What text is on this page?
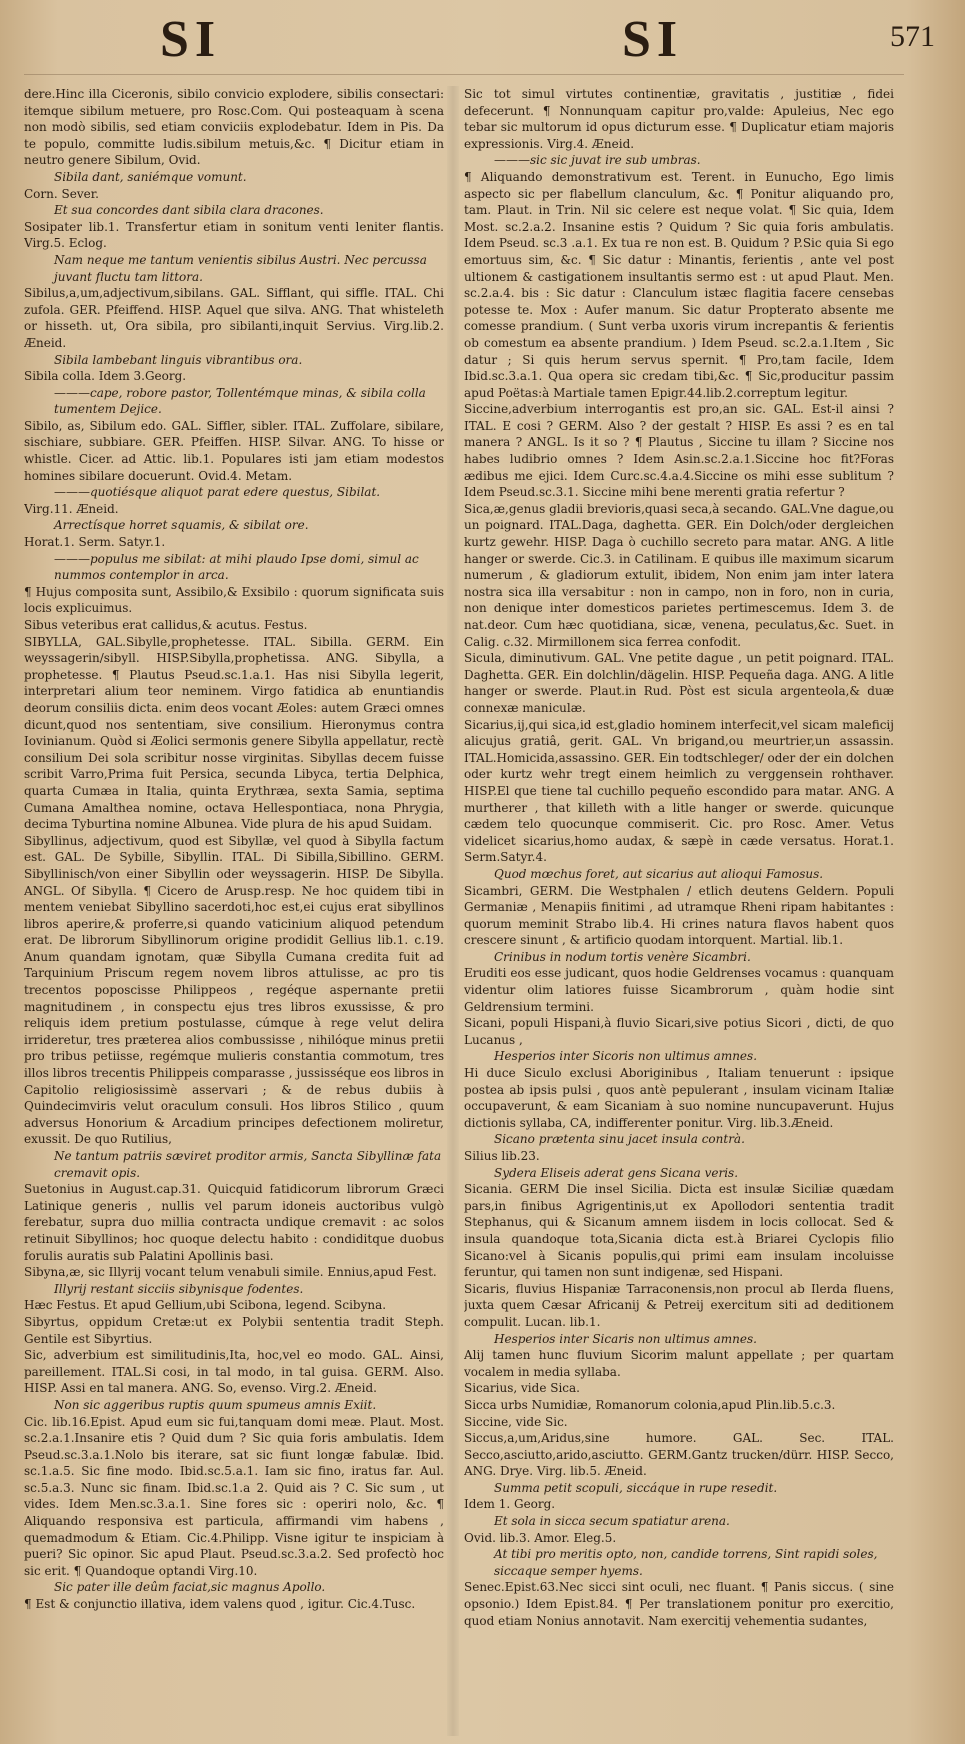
SI	SI	571

dere.Hinc illa Ciceronis, sibilo convicio explodere, sibilis consectari: itemque sibilum metuere, pro Rosc.Com. Qui posteaquam à scena non modò sibilis, sed etiam conviciis explodebatur. Idem in Pis. Da te populo, committe ludis.sibilum metuis,&c. ¶ Dicitur etiam in neutro genere Sibilum, Ovid.

Sibila dant, saniémque vomunt.

Corn. Sever.

Et sua concordes dant sibila clara dracones.

Sosipater lib.1. Transfertur etiam in sonitum venti leniter flantis. Virg.5. Eclog.

Nam neque me tantum venientis sibilus Austri. Nec percussa juvant fluctu tam littora.

Sibilus,a,um,adjectivum,sibilans. GAL. Sifflant, qui siffle. ITAL. Chi zufola. GER. Pfeiffend. HISP. Aquel que silva. ANG. That whisteleth or hisseth. ut, Ora sibila, pro sibilanti,inquit Servius. Virg.lib.2. Æneid.

Sibila lambebant linguis vibrantibus ora.

Sibila colla. Idem 3.Georg.

———cape, robore pastor, Tollentémque minas, & sibila colla tumentem Dejice.

Sibilo, as, Sibilum edo. GAL. Siffler, sibler. ITAL. Zuffolare, sibilare, sischiare, subbiare. GER. Pfeiffen. HISP. Silvar. ANG. To hisse or whistle. Cicer. ad Attic. lib.1. Populares isti jam etiam modestos homines sibilare docuerunt. Ovid.4. Metam.

———quotiésque aliquot parat edere questus, Sibilat.

Virg.11. Æneid.

Arrectísque horret squamis, & sibilat ore.

Horat.1. Serm. Satyr.1.

———populus me sibilat: at mihi plaudo Ipse domi, simul ac nummos contemplor in arca.

¶ Hujus composita sunt, Assibilo,& Exsibilo : quorum significata suis locis explicuimus.

Sibus veteribus erat callidus,& acutus. Festus.

SIBYLLA, GAL.Sibylle,prophetesse. ITAL. Sibilla. GERM. Ein weyssagerin/sibyll. HISP.Sibylla,prophetissa. ANG. Sibylla, a prophetesse. ¶ Plautus Pseud.sc.1.a.1. Has nisi Sibylla legerit, interpretari alium teor neminem. Virgo fatidica ab enuntiandis deorum consiliis dicta. enim deos vocant Æoles: autem Græci omnes dicunt,quod nos sententiam, sive consilium. Hieronymus contra Iovinianum. Quòd si Æolici sermonis genere Sibylla appellatur, rectè consilium Dei sola scribitur nosse virginitas. Sibyllas decem fuisse scribit Varro,Prima fuit Persica, secunda Libyca, tertia Delphica, quarta Cumæa in Italia, quinta Erythræa, sexta Samia, septima Cumana Amalthea nomine, octava Hellespontiaca, nona Phrygia, decima Tyburtina nomine Albunea. Vide plura de his apud Suidam.

Sibyllinus, adjectivum, quod est Sibyllæ, vel quod à Sibylla factum est. GAL. De Sybille, Sibyllin. ITAL. Di Sibilla,Sibillino. GERM. Sibyllinisch/von einer Sibyllin oder weyssagerin. HISP. De Sibylla. ANGL. Of Sibylla. ¶ Cicero de Arusp.resp. Ne hoc quidem tibi in mentem veniebat Sibyllino sacerdoti,hoc est,ei cujus erat sibyllinos libros aperire,& proferre,si quando vaticinium aliquod petendum erat. De librorum Sibyllinorum origine prodidit Gellius lib.1. c.19. Anum quandam ignotam, quæ Sibylla Cumana credita fuit ad Tarquinium Priscum regem novem libros attulisse, ac pro tis trecentos poposcisse Philippeos , regéque aspernante pretii magnitudinem , in conspectu ejus tres libros exussisse, & pro reliquis idem pretium postulasse, cúmque à rege velut delira irrideretur, tres præterea alios combussisse , nihilóque minus pretii pro tribus petiisse, regémque mulieris constantia commotum, tres illos libros trecentis Philippeis comparasse , jussisséque eos libros in Capitolio religiosissimè asservari ; & de rebus dubiis à Quindecimviris velut oraculum consuli. Hos libros Stilico , quum adversus Honorium & Arcadium principes defectionem moliretur, exussit. De quo Rutilius,

Ne tantum patriis sæviret proditor armis, Sancta Sibyllinæ fata cremavit opis.

Suetonius in August.cap.31. Quicquid fatidicorum librorum Græci Latinique generis , nullis vel parum idoneis auctoribus vulgò ferebatur, supra duo millia contracta undique cremavit : ac solos retinuit Sibyllinos; hoc quoque delectu habito : condiditque duobus forulis auratis sub Palatini Apollinis basi.

Sibyna,æ, sic Illyrij vocant telum venabuli simile. Ennius,apud Fest.

Illyrij restant sicciis sibynisque fodentes.

Hæc Festus. Et apud Gellium,ubi Scibona, legend. Scibyna.

Sibyrtus, oppidum Cretæ:ut ex Polybii sententia tradit Steph. Gentile est Sibyrtius.

Sic, adverbium est similitudinis,Ita, hoc,vel eo modo. GAL. Ainsi, pareillement. ITAL.Si cosi, in tal modo, in tal guisa. GERM. Also. HISP. Assi en tal manera. ANG. So, evenso. Virg.2. Æneid.

Non sic aggeribus ruptis quum spumeus amnis Exiit.

Cic. lib.16.Epist. Apud eum sic fui,tanquam domi meæ. Plaut. Most. sc.2.a.1.Insanire etis ? Quid dum ? Sic quia foris ambulatis. Idem Pseud.sc.3.a.1.Nolo bis iterare, sat sic fiunt longæ fabulæ. Ibid. sc.1.a.5. Sic fine modo. Ibid.sc.5.a.1. Iam sic fino, iratus far. Aul. sc.5.a.3. Nunc sic finam. Ibid.sc.1.a 2. Quid ais ? C. Sic sum , ut vides. Idem Men.sc.3.a.1. Sine fores sic : operiri nolo, &c. ¶ Aliquando responsiva est particula, affirmandi vim habens , quemadmodum & Etiam. Cic.4.Philipp. Visne igitur te inspiciam à pueri? Sic opinor. Sic apud Plaut. Pseud.sc.3.a.2. Sed profectò hoc sic erit. ¶ Quandoque optandi Virg.10.

Sic pater ille deûm faciat,sic magnus Apollo.

¶ Est & conjunctio illativa, idem valens quod , igitur. Cic.4.Tusc.

Sic tot simul virtutes continentiæ, gravitatis , justitiæ , fidei defecerunt. ¶ Nonnunquam capitur pro,valde: Apuleius, Nec ego tebar sic multorum id opus dicturum esse. ¶ Duplicatur etiam majoris expressionis. Virg.4. Æneid.

———sic sic juvat ire sub umbras.

¶ Aliquando demonstrativum est. Terent. in Eunucho, Ego limis aspecto sic per flabellum clanculum, &c. ¶ Ponitur aliquando pro, tam. Plaut. in Trin. Nil sic celere est neque volat. ¶ Sic quia, Idem Most. sc.2.a.2. Insanine estis ? Quidum ? Sic quia foris ambulatis. Idem Pseud. sc.3 .a.1. Ex tua re non est. B. Quidum ? P.Sic quia Si ego emortuus sim, &c. ¶ Sic datur : Minantis, ferientis , ante vel post ultionem & castigationem insultantis sermo est : ut apud Plaut. Men. sc.2.a.4. bis : Sic datur : Clanculum istæc flagitia facere censebas potesse te. Mox : Aufer manum. Sic datur Propterato absente me comesse prandium. ( Sunt verba uxoris virum increpantis & ferientis ob comestum ea absente prandium. ) Idem Pseud. sc.2.a.1.Item , Sic datur ; Si quis herum servus spernit. ¶ Pro,tam facile, Idem Ibid.sc.3.a.1. Qua opera sic credam tibi,&c. ¶ Sic,producitur passim apud Poëtas:à Martiale tamen Epigr.44.lib.2.correptum legitur.

Siccine,adverbium interrogantis est pro,an sic. GAL. Est-il ainsi ? ITAL. E cosi ? GERM. Also ? der gestalt ? HISP. Es assi ? es en tal manera ? ANGL. Is it so ? ¶ Plautus , Siccine tu illam ? Siccine nos habes ludibrio omnes ? Idem Asin.sc.2.a.1.Siccine hoc fit?Foras ædibus me ejici. Idem Curc.sc.4.a.4.Siccine os mihi esse sublitum ? Idem Pseud.sc.3.1. Siccine mihi bene merenti gratia refertur ?

Sica,æ,genus gladii brevioris,quasi seca,à secando. GAL.Vne dague,ou un poignard. ITAL.Daga, daghetta. GER. Ein Dolch/oder dergleichen kurtz gewehr. HISP. Daga ò cuchillo secreto para matar. ANG. A litle hanger or swerde. Cic.3. in Catilinam. E quibus ille maximum sicarum numerum , & gladiorum extulit, ibidem, Non enim jam inter latera nostra sica illa versabitur : non in campo, non in foro, non in curia, non denique inter domesticos parietes pertimescemus. Idem 3. de nat.deor. Cum hæc quotidiana, sicæ, venena, peculatus,&c. Suet. in Calig. c.32. Mirmillonem sica ferrea confodit.

Sicula, diminutivum. GAL. Vne petite dague , un petit poignard. ITAL. Daghetta. GER. Ein dolchlin/dägelin. HISP. Pequeña daga. ANG. A litle hanger or swerde. Plaut.in Rud. Pòst est sicula argenteola,& duæ connexæ maniculæ.

Sicarius,ij,qui sica,id est,gladio hominem interfecit,vel sicam maleficij alicujus gratiâ, gerit. GAL. Vn brigand,ou meurtrier,un assassin. ITAL.Homicida,assassino. GER. Ein todtschleger/ oder der ein dolchen oder kurtz wehr tregt einem heimlich zu verggensein rohthaver. HISP.El que tiene tal cuchillo pequeño escondido para matar. ANG. A murtherer , that killeth with a litle hanger or swerde. quicunque cædem telo quocunque commiserit. Cic. pro Rosc. Amer. Vetus videlicet sicarius,homo audax, & sæpè in cæde versatus. Horat.1. Serm.Satyr.4.

Quod mœchus foret, aut sicarius aut alioqui Famosus.

Sicambri, GERM. Die Westphalen / etlich deutens Geldern. Populi Germaniæ , Menapiis finitimi , ad utramque Rheni ripam habitantes : quorum meminit Strabo lib.4. Hi crines natura flavos habent quos crescere sinunt , & artificio quodam intorquent. Martial. lib.1.

Crinibus in nodum tortis venère Sicambri.

Eruditi eos esse judicant, quos hodie Geldrenses vocamus : quanquam videntur olim latiores fuisse Sicambrorum , quàm hodie sint Geldrensium termini.

Sicani, populi Hispani,à fluvio Sicari,sive potius Sicori , dicti, de quo Lucanus ,

Hesperios inter Sicoris non ultimus amnes.

Hi duce Siculo exclusi Aboriginibus , Italiam tenuerunt : ipsique postea ab ipsis pulsi , quos antè pepulerant , insulam vicinam Italiæ occupaverunt, & eam Sicaniam à suo nomine nuncupaverunt. Hujus dictionis syllaba, CA, indifferenter ponitur. Virg. lib.3.Æneid.

Sicano prætenta sinu jacet insula contrà.

Silius lib.23.

Sydera Eliseis aderat gens Sicana veris.

Sicania. GERM Die insel Sicilia. Dicta est insulæ Siciliæ quædam pars,in finibus Agrigentinis,ut ex Apollodori sententia tradit Stephanus, qui & Sicanum amnem iisdem in locis collocat. Sed & insula quandoque tota,Sicania dicta est.à Briarei Cyclopis filio Sicano:vel à Sicanis populis,qui primi eam insulam incoluisse feruntur, qui tamen non sunt indigenæ, sed Hispani.

Sicaris, fluvius Hispaniæ Tarraconensis,non procul ab Ilerda fluens, juxta quem Cæsar Africanij & Petreij exercitum siti ad deditionem compulit. Lucan. lib.1.

Hesperios inter Sicaris non ultimus amnes.

Alij tamen hunc fluvium Sicorim malunt appellate ; per quartam vocalem in media syllaba.

Sicarius, vide Sica.

Sicca urbs Numidiæ, Romanorum colonia,apud Plin.lib.5.c.3.

Siccine, vide Sic.

Siccus,a,um,Aridus,sine humore. GAL. Sec. ITAL. Secco,asciutto,arido,asciutto. GERM.Gantz trucken/dürr. HISP. Secco, ANG. Drye. Virg. lib.5. Æneid.

Summa petit scopuli, siccáque in rupe resedit.

Idem 1. Georg.

Et sola in sicca secum spatiatur arena.

Ovid. lib.3. Amor. Eleg.5.

At tibi pro meritis opto, non, candide torrens, Sint rapidi soles, siccaque semper hyems.

Senec.Epist.63.Nec sicci sint oculi, nec fluant. ¶ Panis siccus. ( sine opsonio.) Idem Epist.84. ¶ Per translationem ponitur pro exercitio, quod etiam Nonius annotavit. Nam exercitij vehementia sudantes,
